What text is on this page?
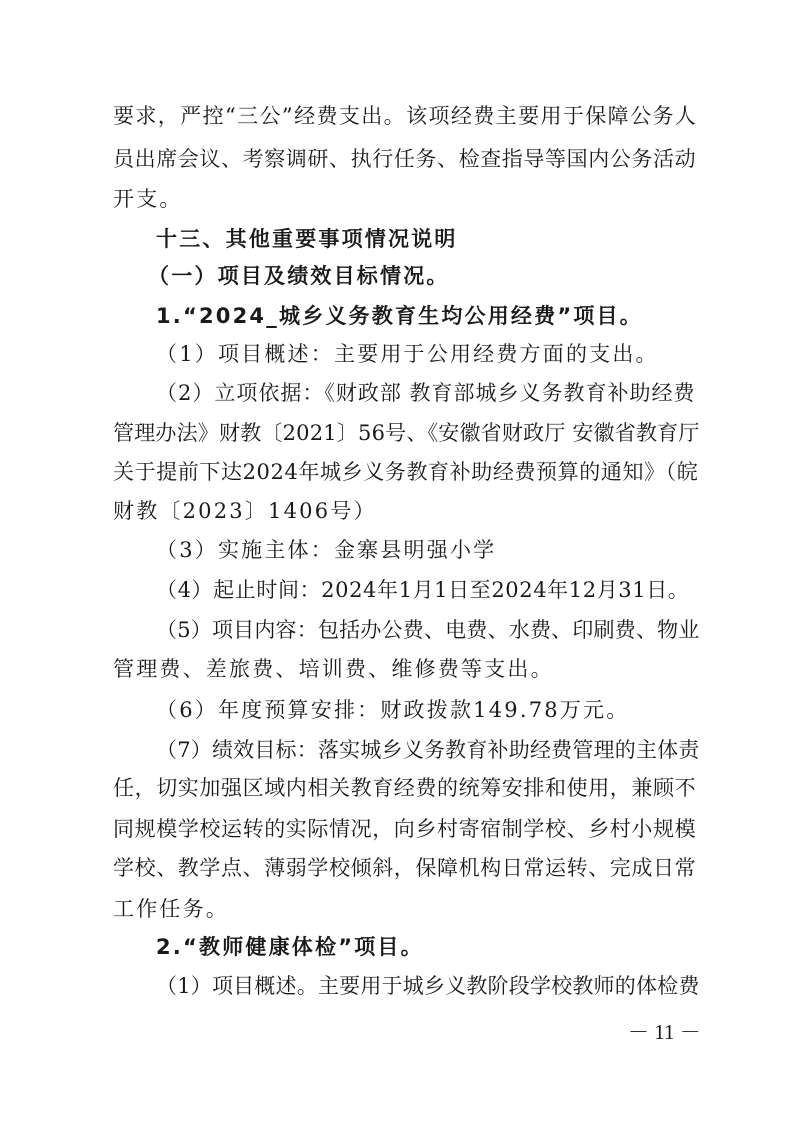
要求，严控“三公”经费支出。该项经费主要用于保障公务人
员出席会议、考察调研、执行任务、检查指导等国内公务活动
开支。
十三、其他重要事项情况说明
（一）项目及绩效目标情况。
1.“2024_城乡义务教育生均公用经费”项目。
（1）项目概述：主要用于公用经费方面的支出。
（2）立项依据：《财政部 教育部城乡义务教育补助经费
管理办法》财教〔2021〕56号、《安徽省财政厅 安徽省教育厅
关于提前下达2024年城乡义务教育补助经费预算的通知》（皖
财教〔2023〕1406号）
（3）实施主体：金寨县明强小学
（4）起止时间：2024年1月1日至2024年12月31日。
（5）项目内容：包括办公费、电费、水费、印刷费、物业
管理费、差旅费、培训费、维修费等支出。
（6）年度预算安排：财政拨款149.78万元。
（7）绩效目标：落实城乡义务教育补助经费管理的主体责
任，切实加强区域内相关教育经费的统筹安排和使用，兼顾不
同规模学校运转的实际情况，向乡村寄宿制学校、乡村小规模
学校、教学点、薄弱学校倾斜，保障机构日常运转、完成日常
工作任务。
2.“教师健康体检”项目。
（1）项目概述。主要用于城乡义教阶段学校教师的体检费
－ 11 －
